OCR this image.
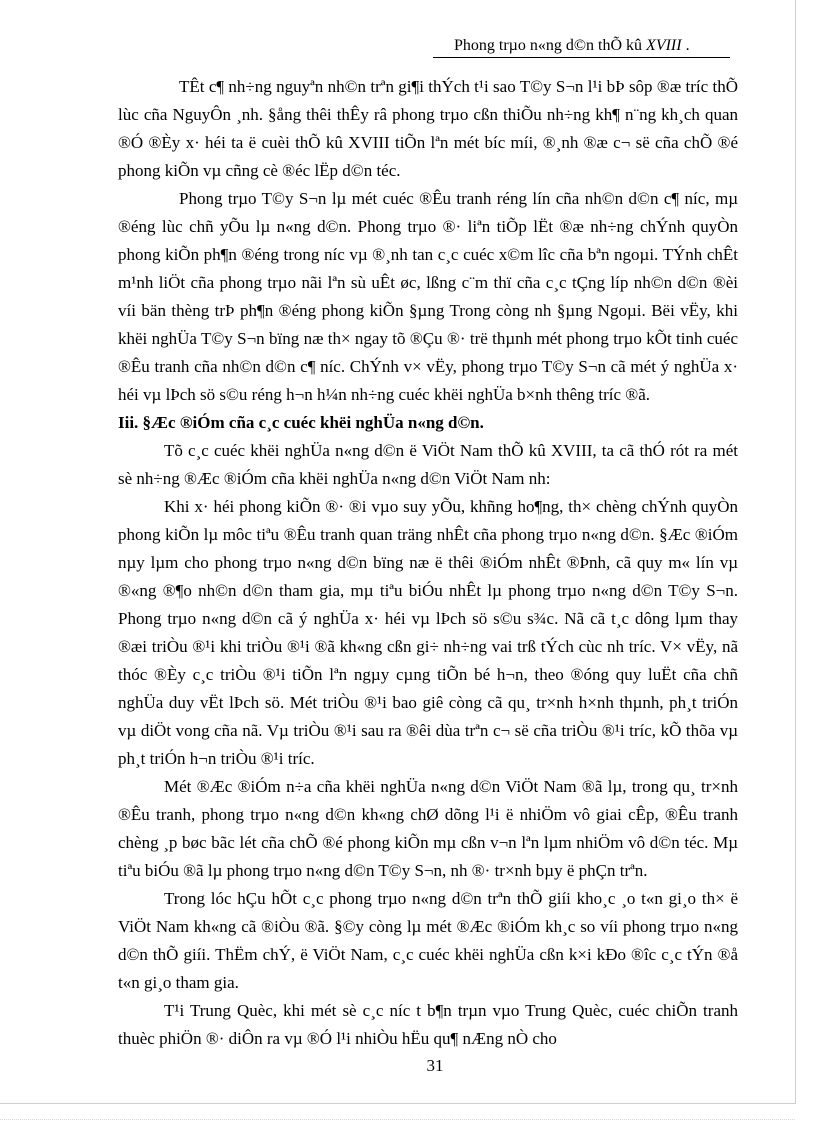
Phong trµo n«ng d©n thÕ kû XVIII .

TÊt c¶ nh÷ng nguyªn nh©n trªn gi¶i thÝch t¹i sao T©y S¬n l¹i bÞ sôp ®æ tríc thÕ lùc cña NguyÔn ¸nh. §ång thêi thÊy râ phong trµo cßn thiÕu nh÷ng kh¶ n¨ng kh¸ch quan ®Ó ®Èy x· héi ta ë cuèi thÕ kû XVIII tiÕn lªn mét bíc míi, ®¸nh ®æ c¬ së cña chÕ ®é phong kiÕn vµ cñng cè ®éc lËp d©n téc.

Phong trµo T©y S¬n lµ mét cuéc ®Êu tranh réng lín cña nh©n d©n c¶ níc, mµ ®éng lùc chñ yÕu lµ n«ng d©n. Phong trµo ®· liªn tiÕp lËt ®æ nh÷ng chÝnh quyÒn phong kiÕn ph¶n ®éng trong níc vµ ®¸nh tan c¸c cuéc x©m lîc cña bªn ngoµi. TÝnh chÊt m¹nh liÖt cña phong trµo nãi lªn sù uÊt øc, lßng c¨m thï cña c¸c tÇng líp nh©n d©n ®èi víi bän thèng trÞ ph¶n ®éng phong kiÕn §µng Trong còng nh §µng Ngoµi. Bëi vËy, khi khëi nghÜa T©y S¬n bïng næ th× ngay tõ ®Çu ®· trë thµnh mét phong trµo kÕt tinh cuéc ®Êu tranh cña nh©n d©n c¶ níc. ChÝnh v× vËy, phong trµo T©y S¬n cã mét ý nghÜa x· héi vµ lÞch sö s©u réng h¬n h¼n nh÷ng cuéc khëi nghÜa b×nh thêng tríc ®ã.

Iii. §Æc ®iÓm cña c¸c cuéc khëi nghÜa n«ng d©n.

Tõ c¸c cuéc khëi nghÜa n«ng d©n ë ViÖt Nam thÕ kû XVIII, ta cã thÓ rót ra mét sè nh÷ng ®Æc ®iÓm cña khëi nghÜa n«ng d©n ViÖt Nam nh:

Khi x· héi phong kiÕn ®· ®i vµo suy yÕu, khñng ho¶ng, th× chèng chÝnh quyÒn phong kiÕn lµ môc tiªu ®Êu tranh quan träng nhÊt cña phong trµo n«ng d©n. §Æc ®iÓm nµy lµm cho phong trµo n«ng d©n bïng næ ë thêi ®iÓm nhÊt ®Þnh, cã quy m« lín vµ ®«ng ®¶o nh©n d©n tham gia, mµ tiªu biÓu nhÊt lµ phong trµo n«ng d©n T©y S¬n. Phong trµo n«ng d©n cã ý nghÜa x· héi vµ lÞch sö s©u s¾c. Nã cã t¸c dông lµm thay ®æi triÒu ®¹i khi triÒu ®¹i ®ã kh«ng cßn gi÷ nh÷ng vai trß tÝch cùc nh tríc. V× vËy, nã thóc ®Èy c¸c triÒu ®¹i tiÕn lªn ngµy cµng tiÕn bé h¬n, theo ®óng quy luËt cña chñ nghÜa duy vËt lÞch sö. Mét triÒu ®¹i bao giê còng cã qu¸ tr×nh h×nh thµnh, ph¸t triÓn vµ diÖt vong cña nã. Vµ triÒu ®¹i sau ra ®êi dùa trªn c¬ së cña triÒu ®¹i tríc, kÕ thõa vµ ph¸t triÓn h¬n triÒu ®¹i tríc.

Mét ®Æc ®iÓm n÷a cña khëi nghÜa n«ng d©n ViÖt Nam ®ã lµ, trong qu¸ tr×nh ®Êu tranh, phong trµo n«ng d©n kh«ng chØ dõng l¹i ë nhiÖm vô giai cÊp, ®Êu tranh chèng ¸p bøc bãc lét cña chÕ ®é phong kiÕn mµ cßn v¬n lªn lµm nhiÖm vô d©n téc. Mµ tiªu biÓu ®ã lµ phong trµo n«ng d©n T©y S¬n, nh ®· tr×nh bµy ë phÇn trªn.

Trong lóc hÇu hÕt c¸c phong trµo n«ng d©n trªn thÕ giíi kho¸c ¸o t«n gi¸o th× ë ViÖt Nam kh«ng cã ®iÒu ®ã. §©y còng lµ mét ®Æc ®iÓm kh¸c so víi phong trµo n«ng d©n thÕ giíi. ThËm chÝ, ë ViÖt Nam, c¸c cuéc khëi nghÜa cßn k×i kÐo ®îc c¸c tÝn ®å t«n gi¸o tham gia.

T¹i Trung Quèc, khi mét sè c¸c níc t b¶n trµn vµo Trung Quèc, cuéc chiÕn tranh thuèc phiÖn ®· diÔn ra vµ ®Ó l¹i nhiÒu hËu qu¶ nÆng nÒ cho

31
